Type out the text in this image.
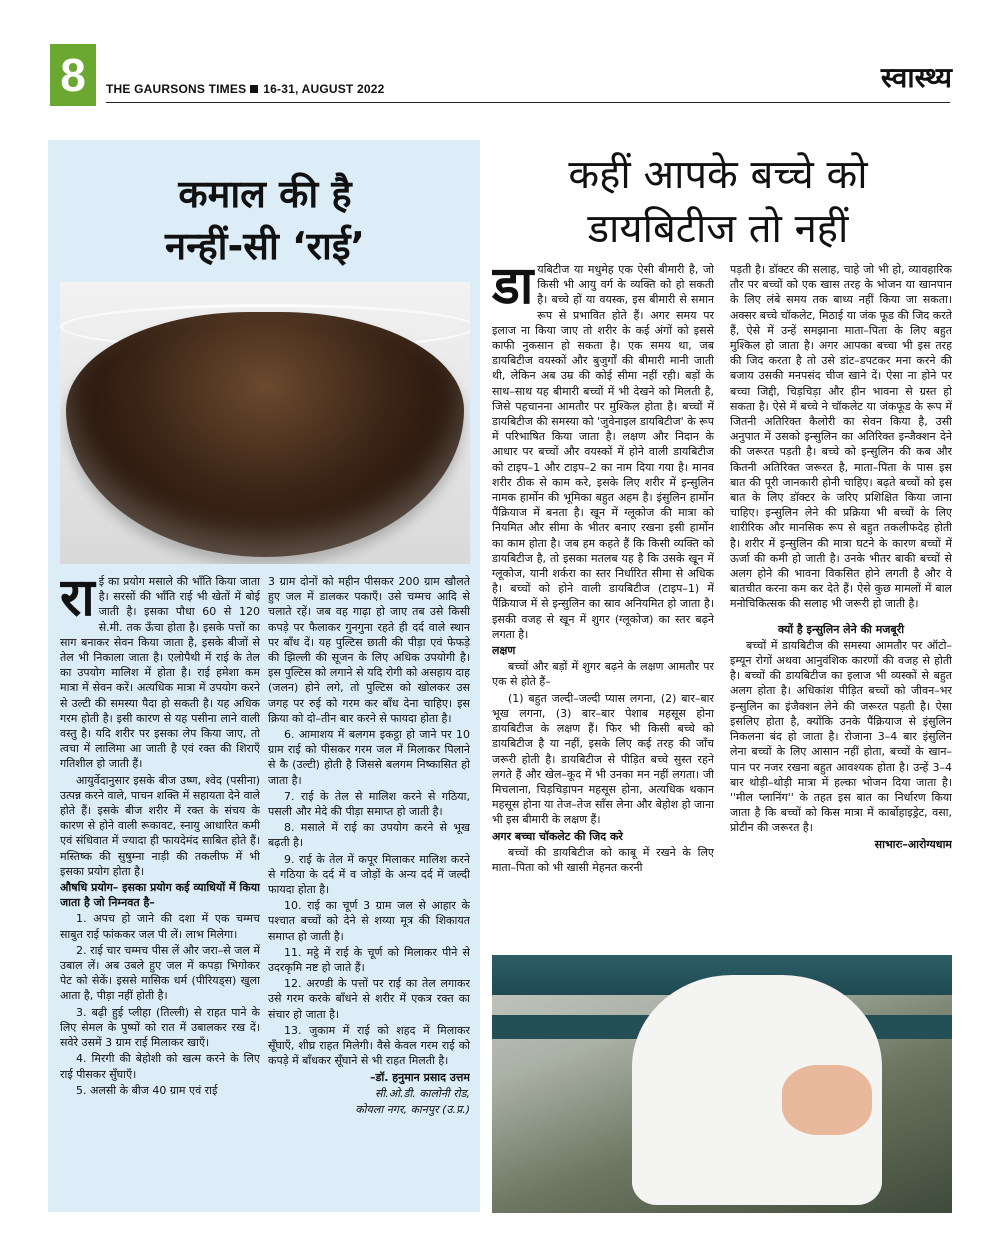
8	THE GAURSONS TIMES 16-31, AUGUST 2022	स्वास्थ्य
कमाल की है
नन्हीं-सी ‘राई’

राई का प्रयोग मसाले की भाँति किया जाता है। सरसों की भाँति राई भी खेतों में बोई जाती है। इसका पौधा 60 से 120 से.मी. तक ऊँचा होता है। इसके पत्तों का साग बनाकर सेवन किया जाता है, इसके बीजों से तेल भी निकाला जाता है। एलोपैथी में राई के तेल का उपयोग मालिश में होता है। राई हमेशा कम मात्रा में सेवन करें। अत्यधिक मात्रा में उपयोग करने से उल्टी की समस्या पैदा हो सकती है। यह अधिक गरम होती है। इसी कारण से यह पसीना लाने वाली वस्तु है। यदि शरीर पर इसका लेप किया जाए, तो त्वचा में लालिमा आ जाती है एवं रक्त की शिराएँ गतिशील हो जाती हैं।

आयुर्वेदानुसार इसके बीज उष्ण, श्वेद (पसीना) उत्पन्न करने वाले, पाचन शक्ति में सहायता देने वाले होते हैं। इसके बीज शरीर में रक्त के संचय के कारण से होने वाली रूकावट, स्नायु आधारित कमी एवं संधिवात में ज्यादा ही फायदेमंद साबित होते हैं। मस्तिष्क की सुषुम्ना नाड़ी की तकलीफ में भी इसका प्रयोग होता है।

औषधि प्रयोग– इसका प्रयोग कई व्याधियों में किया जाता है जो निम्नवत है–

1. अपच हो जाने की दशा में एक चम्मच साबुत राई फांककर जल पी लें। लाभ मिलेगा।

2. राई चार चम्मच पीस लें और जरा–से जल में उबाल लें। अब उबले हुए जल में कपड़ा भिगोकर पेट को सेकें। इससे मासिक धर्म (पीरियड्स) खुला आता है, पीड़ा नहीं होती है।

3. बढ़ी हुई प्लीहा (तिल्ली) से राहत पाने के लिए सेमल के पुष्पों को रात में उबालकर रख दें। सवेरे उसमें 3 ग्राम राई मिलाकर खाएँ।

4. मिरगी की बेहोशी को खत्म करने के लिए राई पीसकर सुँघाएँ।

5. अलसी के बीज 40 ग्राम एवं राई

3 ग्राम दोनों को महीन पीसकर 200 ग्राम खौलते हुए जल में डालकर पकाएँ। उसे चम्मच आदि से चलाते रहें। जब वह गाढ़ा हो जाए तब उसे किसी कपड़े पर फैलाकर गुनगुना रहते ही दर्द वाले स्थान पर बाँध दें। यह पुल्टिस छाती की पीड़ा एवं फेफड़े की झिल्ली की सूजन के लिए अधिक उपयोगी है। इस पुल्टिस को लगाने से यदि रोगी को असहाय दाह (जलन) होने लगे, तो पुल्टिस को खोलकर उस जगह पर रुई को गरम कर बाँध देना चाहिए। इस क्रिया को दो–तीन बार करने से फायदा होता है।

6. आमाशय में बलगम इकट्ठा हो जाने पर 10 ग्राम राई को पीसकर गरम जल में मिलाकर पिलाने से कै (उल्टी) होती है जिससे बलगम निष्कासित हो जाता है।

7. राई के तेल से मालिश करने से गठिया, पसली और मेदे की पीड़ा समाप्त हो जाती है।

8. मसाले में राई का उपयोग करने से भूख बढ़ती है।

9. राई के तेल में कपूर मिलाकर मालिश करने से गठिया के दर्द में व जोड़ों के अन्य दर्द में जल्दी फायदा होता है।

10. राई का चूर्ण 3 ग्राम जल से आहार के पश्चात बच्चों को देने से शय्या मूत्र की शिकायत समाप्त हो जाती है।

11. मट्ठे में राई के चूर्ण को मिलाकर पीने से उदरकृमि नष्ट हो जाते हैं।

12. अरण्डी के पत्तों पर राई का तेल लगाकर उसे गरम करके बाँधने से शरीर में एकत्र रक्त का संचार हो जाता है।

13. जुकाम में राई को शहद में मिलाकर सूँघाएँ, शीघ्र राहत मिलेगी। वैसे केवल गरम राई को कपड़े में बाँधकर सूँघाने से भी राहत मिलती है।

–डॉ. हनुमान प्रसाद उत्तम

सी.ओ.डी. कालोनी रोड,

कोयला नगर, कानपुर (उ.प्र.)

कहीं आपके बच्चे को
डायबिटीज तो नहीं

डायबिटीज या मधुमेह एक ऐसी बीमारी है, जो किसी भी आयु वर्ग के व्यक्ति को हो सकती है। बच्चे हों या वयस्क, इस बीमारी से समान रूप से प्रभावित होते हैं। अगर समय पर इलाज ना किया जाए तो शरीर के कई अंगों को इससे काफी नुकसान हो सकता है। एक समय था, जब डायबिटीज वयस्कों और बुजुर्गों की बीमारी मानी जाती थी, लेकिन अब उम्र की कोई सीमा नहीं रही। बड़ों के साथ–साथ यह बीमारी बच्चों में भी देखने को मिलती है, जिसे पहचानना आमतौर पर मुश्किल होता है। बच्चों में डायबिटीज की समस्या को 'जुवेनाइल डायबिटीज' के रूप में परिभाषित किया जाता है। लक्षण और निदान के आधार पर बच्चों और वयस्कों में होने वाली डायबिटीज को टाइप–1 और टाइप–2 का नाम दिया गया है। मानव शरीर ठीक से काम करे, इसके लिए शरीर में इन्सुलिन नामक हार्मोन की भूमिका बहुत अहम है। इंसुलिन हार्मोन पैंक्रियाज में बनता है। खून में ग्लूकोज की मात्रा को नियमित और सीमा के भीतर बनाए रखना इसी हार्मोन का काम होता है। जब हम कहते हैं कि किसी व्यक्ति को डायबिटीज है, तो इसका मतलब यह है कि उसके खून में ग्लूकोज, यानी शर्करा का स्तर निर्धारित सीमा से अधिक है। बच्चों को होने वाली डायबिटीज (टाइप–1) में पैंक्रियाज में से इन्सुलिन का स्राव अनियमित हो जाता है। इसकी वजह से खून में शुगर (ग्लूकोज) का स्तर बढ़ने लगता है।

लक्षण

बच्चों और बड़ों में शुगर बढ़ने के लक्षण आमतौर पर एक से होते हैं–

(1) बहुत जल्दी–जल्दी प्यास लगना, (2) बार–बार भूख लगना, (3) बार–बार पेशाब महसूस होना डायबिटीज के लक्षण हैं। फिर भी किसी बच्चे को डायबिटीज है या नहीं, इसके लिए कई तरह की जाँच जरूरी होती है। डायबिटीज से पीड़ित बच्चे सुस्त रहने लगते हैं और खेल–कूद में भी उनका मन नहीं लगता। जी मिचलाना, चिड़चिड़ापन महसूस होना, अत्यधिक थकान महसूस होना या तेज–तेज साँस लेना और बेहोश हो जाना भी इस बीमारी के लक्षण हैं।

अगर बच्चा चॉकलेट की जिद करे

बच्चों की डायबिटीज को काबू में रखने के लिए माता–पिता को भी खासी मेहनत करनी

पड़ती है। डॉक्टर की सलाह, चाहे जो भी हो, व्यावहारिक तौर पर बच्चों को एक खास तरह के भोजन या खानपान के लिए लंबे समय तक बाध्य नहीं किया जा सकता। अक्सर बच्चे चॉकलेट, मिठाई या जंक फूड की जिद करते हैं, ऐसे में उन्हें समझाना माता–पिता के लिए बहुत मुश्किल हो जाता है। अगर आपका बच्चा भी इस तरह की जिद करता है तो उसे डांट–डपटकर मना करने की बजाय उसकी मनपसंद चीज खाने दें। ऐसा ना होने पर बच्चा जिद्दी, चिड़चिड़ा और हीन भावना से ग्रस्त हो सकता है। ऐसे में बच्चे ने चॉकलेट या जंकफूड के रूप में जितनी अतिरिक्त कैलोरी का सेवन किया है, उसी अनुपात में उसको इन्सुलिन का अतिरिक्त इन्जैक्शन देने की जरूरत पड़ती है। बच्चे को इन्सुलिन की कब और कितनी अतिरिक्त जरूरत है, माता–पिता के पास इस बात की पूरी जानकारी होनी चाहिए। बढ़ते बच्चों को इस बात के लिए डॉक्टर के जरिए प्रशिक्षित किया जाना चाहिए। इन्सुलिन लेने की प्रक्रिया भी बच्चों के लिए शारीरिक और मानसिक रूप से बहुत तकलीफदेह होती है। शरीर में इन्सुलिन की मात्रा घटने के कारण बच्चों में ऊर्जा की कमी हो जाती है। उनके भीतर बाकी बच्चों से अलग होने की भावना विकसित होने लगती है और वे बातचीत करना कम कर देते हैं। ऐसे कुछ मामलों में बाल मनोचिकित्सक की सलाह भी जरूरी हो जाती है।

क्यों है इन्सुलिन लेने की मजबूरी

बच्चों में डायबिटीज की समस्या आमतौर पर ऑटो–इम्यून रोगों अथवा आनुवंशिक कारणों की वजह से होती है। बच्चों की डायबिटीज का इलाज भी व्यस्कों से बहुत अलग होता है। अधिकांश पीड़ित बच्चों को जीवन–भर इन्सुलिन का इंजैक्शन लेने की जरूरत पड़ती है। ऐसा इसलिए होता है, क्योंकि उनके पैंक्रियाज से इंसुलिन निकलना बंद हो जाता है। रोजाना 3–4 बार इंसुलिन लेना बच्चों के लिए आसान नहीं होता, बच्चों के खान–पान पर नजर रखना बहुत आवश्यक होता है। उन्हें 3–4 बार थोड़ी–थोड़ी मात्रा में हल्का भोजन दिया जाता है। ''मील प्लानिंग'' के तहत इस बात का निर्धारण किया जाता है कि बच्चों को किस मात्रा में कार्बोहाइड्रेट, वसा, प्रोटीन की जरूरत है।

साभारः–आरोग्यधाम
